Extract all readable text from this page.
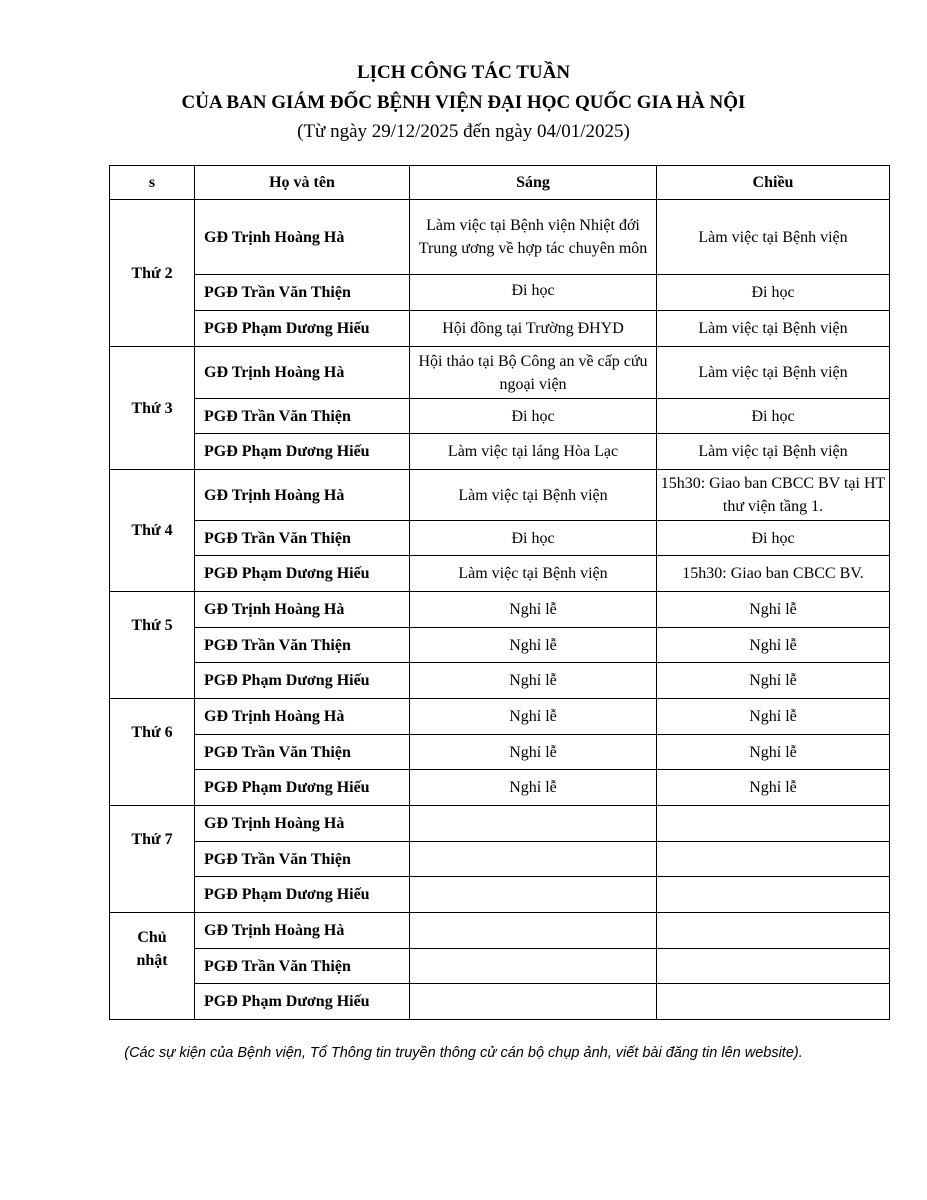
LỊCH CÔNG TÁC TUẦN
CỦA BAN GIÁM ĐỐC BỆNH VIỆN ĐẠI HỌC QUỐC GIA HÀ NỘI
(Từ ngày 29/12/2025 đến ngày 04/01/2025)
s	Họ và tên	Sáng	Chiều
Thứ 2	GĐ Trịnh Hoàng Hà	Làm việc tại Bệnh viện Nhiệt đới Trung ương về hợp tác chuyên môn	Làm việc tại Bệnh viện
	PGĐ Trần Văn Thiện	Đi học	Đi học
	PGĐ Phạm Dương Hiếu	Hội đồng tại Trường ĐHYD	Làm việc tại Bệnh viện
Thứ 3	GĐ Trịnh Hoàng Hà	Hội thảo tại Bộ Công an về cấp cứu ngoại viện	Làm việc tại Bệnh viện
	PGĐ Trần Văn Thiện	Đi học	Đi học
	PGĐ Phạm Dương Hiếu	Làm việc tại láng Hòa Lạc	Làm việc tại Bệnh viện
Thứ 4	GĐ Trịnh Hoàng Hà	Làm việc tại Bệnh viện	15h30: Giao ban CBCC BV tại HT thư viện tầng 1.
	PGĐ Trần Văn Thiện	Đi học	Đi học
	PGĐ Phạm Dương Hiếu	Làm việc tại Bệnh viện	15h30: Giao ban CBCC BV.
Thứ 5	GĐ Trịnh Hoàng Hà	Nghỉ lễ	Nghỉ lễ
	PGĐ Trần Văn Thiện	Nghỉ lễ	Nghỉ lễ
	PGĐ Phạm Dương Hiếu	Nghỉ lễ	Nghỉ lễ
Thứ 6	GĐ Trịnh Hoàng Hà	Nghỉ lễ	Nghỉ lễ
	PGĐ Trần Văn Thiện	Nghỉ lễ	Nghỉ lễ
	PGĐ Phạm Dương Hiếu	Nghỉ lễ	Nghỉ lễ
Thứ 7	GĐ Trịnh Hoàng Hà		
	PGĐ Trần Văn Thiện		
	PGĐ Phạm Dương Hiếu		
Chủ nhật	GĐ Trịnh Hoàng Hà		
	PGĐ Trần Văn Thiện		
	PGĐ Phạm Dương Hiếu		
(Các sự kiện của Bệnh viện, Tổ Thông tin truyền thông cử cán bộ chụp ảnh, viết bài đăng tin lên website).
